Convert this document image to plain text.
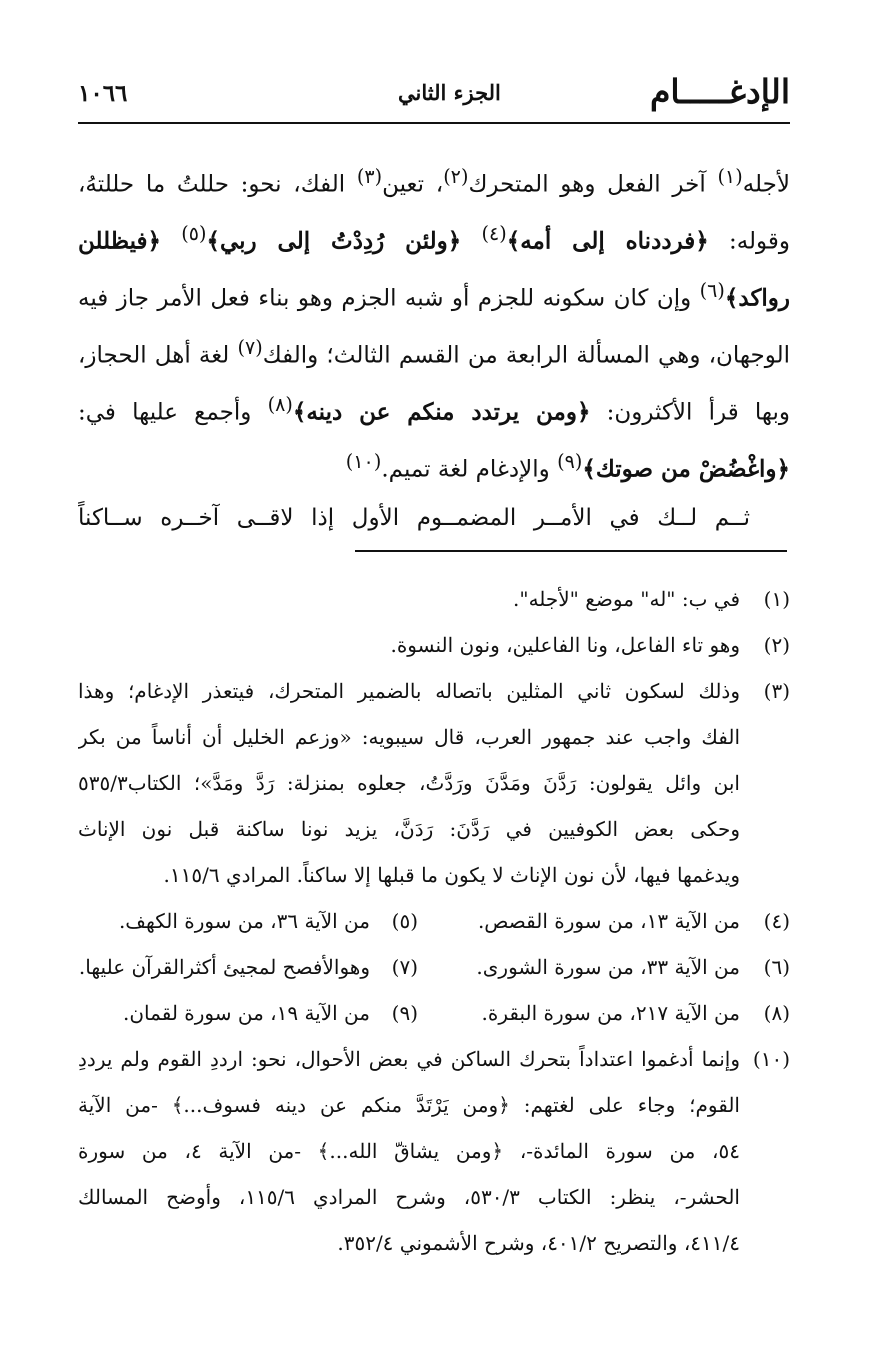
الإدغـــــام
الجزء الثاني
١٠٦٦
لأجله$^{(١)}$ آخر الفعل وهو المتحرك$^{(٢)}$، تعين$^{(٣)}$ الفك، نحو: حللتُ ما حللتهُ،
وقوله: ﴿فرددناه إلى أمه﴾$^{(٤)}$ ﴿ولئن رُدِدْتُ إلى ربي﴾$^{(٥)}$ ﴿فيظللن
رواكد﴾$^{(٦)}$ وإن كان سكونه للجزم أو شبه الجزم وهو بناء فعل الأمر جاز فيه
الوجهان، وهي المسألة الرابعة من القسم الثالث؛ والفك$^{(٧)}$ لغة أهل الحجاز،
وبها قرأ الأكثرون: ﴿ومن يرتدد منكم عن دينه﴾$^{(٨)}$ وأجمع عليها في:
﴿واغْضُضْ من صوتك﴾$^{(٩)}$ والإدغام لغة تميم.$^{(١٠)}$
ثــم لــك في الأمــر المضمــوم الأول إذا لاقــى آخــره ســاكناً
(١)
في ب: "له" موضع "لأجله".
(٢)
وهو تاء الفاعل، ونا الفاعلين، ونون النسوة.
(٣)
وذلك لسكون ثاني المثلين باتصاله بالضمير المتحرك، فيتعذر الإدغام؛ وهذا
الفك واجب عند جمهور العرب، قال سيبويه: «وزعم الخليل أن أناساً من بكر
ابن وائل يقولون: رَدَّنَ ومَدَّنَ ورَدَّتُ، جعلوه بمنزلة: رَدَّ ومَدَّ»؛ الكتاب٥٣٥/٣
وحكى بعض الكوفيين في رَدَّنَ: رَدَنَّ، يزيد نونا ساكنة قبل نون الإناث
ويدغمها فيها، لأن نون الإناث لا يكون ما قبلها إلا ساكناً. المرادي ١١٥/٦.
(٤)
من الآية ١٣، من سورة القصص.
(٥)
من الآية ٣٦، من سورة الكهف.
(٦)
من الآية ٣٣، من سورة الشورى.
(٧)
وهوالأفصح لمجيئ أكثرالقرآن عليها.
(٨)
من الآية ٢١٧، من سورة البقرة.
(٩)
من الآية ١٩، من سورة لقمان.
(١٠)
وإنما أدغموا اعتداداً بتحرك الساكن في بعض الأحوال، نحو: ارددِ القوم ولم يرددِ
القوم؛ وجاء على لغتهم: ﴿ومن يَرْتَدَّ منكم عن دينه فسوف...﴾ -من الآية
٥٤، من سورة المائدة-، ﴿ومن يشاقّ الله...﴾ -من الآية ٤، من سورة
الحشر-، ينظر: الكتاب ٥٣٠/٣، وشرح المرادي ١١٥/٦، وأوضح المسالك
٤١١/٤، والتصريح ٤٠١/٢، وشرح الأشموني ٣٥٢/٤.
